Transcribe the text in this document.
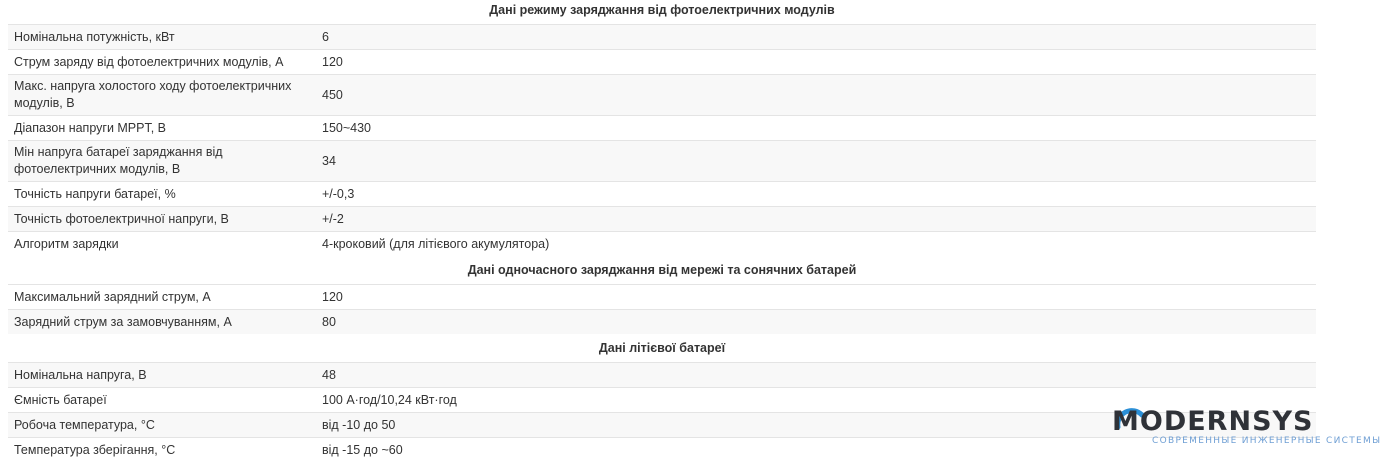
Дані режиму заряджання від фотоелектричних модулів	
Номінальна потужність, кВт	6
Струм заряду від фотоелектричних модулів, А	120
Макс. напруга холостого ходу фотоелектричних модулів, В	450
Діапазон напруги MPPT, В	150~430
Мін напруга батареї заряджання від фотоелектричних модулів, В	34
Точність напруги батареї, %	+/-0,3
Точність фотоелектричної напруги, В	+/-2
Алгоритм зарядки	4-кроковий (для літієвого акумулятора)
Дані одночасного заряджання від мережі та сонячних батарей	
Максимальний зарядний струм, А	120
Зарядний струм за замовчуванням, А	80
Дані літієвої батареї	
Номінальна напруга, В	48
Ємність батареї	100 А·год/10,24 кВт·год
Робоча температура, °С	від -10 до 50
Температура зберігання, °С	від -15 до ~60
MODERNSYS
СОВРЕМЕННЫЕ ИНЖЕНЕРНЫЕ СИСТЕМЫ
